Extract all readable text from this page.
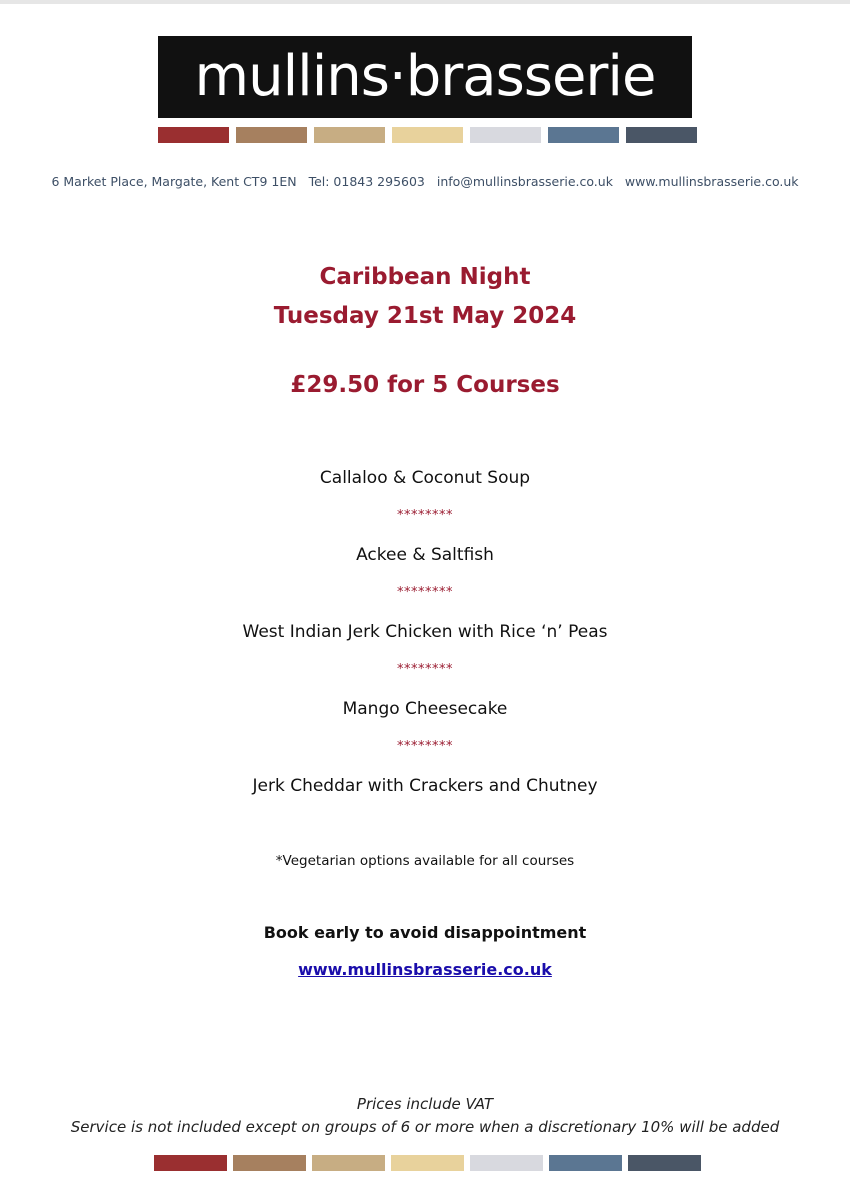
mullins·brasserie
6 Market Place, Margate, Kent CT9 1EN Tel: 01843 295603 info@mullinsbrasserie.co.uk www.mullinsbrasserie.co.uk
Caribbean Night
Tuesday 21st May 2024
£29.50 for 5 Courses
Callaloo & Coconut Soup
********
Ackee & Saltfish
********
West Indian Jerk Chicken with Rice ‘n’ Peas
********
Mango Cheesecake
********
Jerk Cheddar with Crackers and Chutney
*Vegetarian options available for all courses
Book early to avoid disappointment
www.mullinsbrasserie.co.uk
Prices include VAT
Service is not included except on groups of 6 or more when a discretionary 10% will be added
